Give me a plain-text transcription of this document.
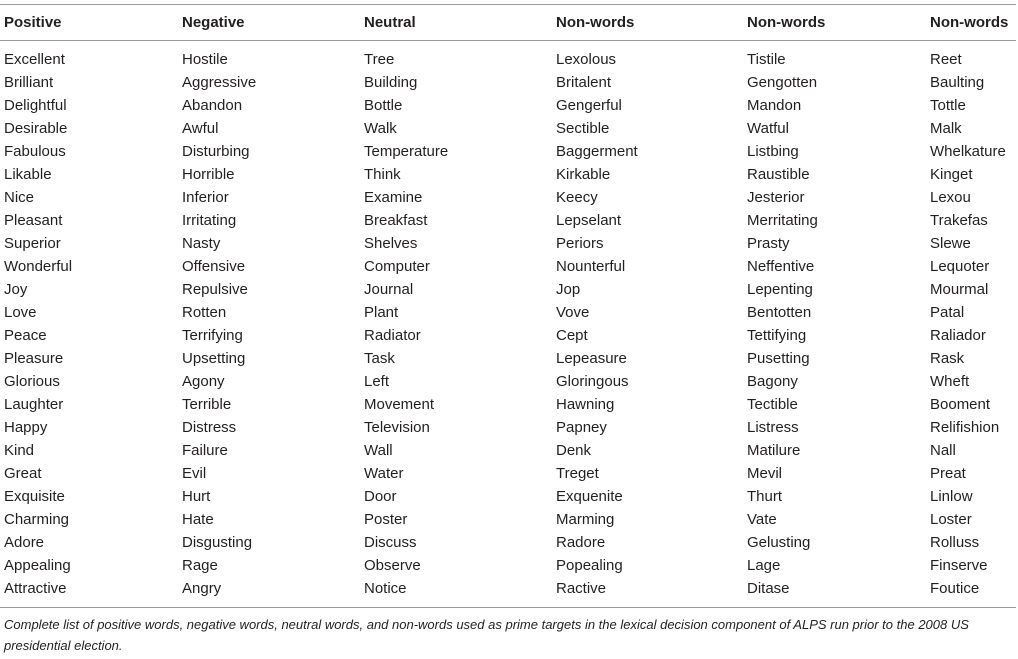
Positive	Negative	Neutral	Non-words	Non-words	Non-words

Excellent	Hostile	Tree	Lexolous	Tistile	Reet
Brilliant	Aggressive	Building	Britalent	Gengotten	Baulting
Delightful	Abandon	Bottle	Gengerful	Mandon	Tottle
Desirable	Awful	Walk	Sectible	Watful	Malk
Fabulous	Disturbing	Temperature	Baggerment	Listbing	Whelkature
Likable	Horrible	Think	Kirkable	Raustible	Kinget
Nice	Inferior	Examine	Keecy	Jesterior	Lexou
Pleasant	Irritating	Breakfast	Lepselant	Merritating	Trakefas
Superior	Nasty	Shelves	Periors	Prasty	Slewe
Wonderful	Offensive	Computer	Nounterful	Neffentive	Lequoter
Joy	Repulsive	Journal	Jop	Lepenting	Mourmal
Love	Rotten	Plant	Vove	Bentotten	Patal
Peace	Terrifying	Radiator	Cept	Tettifying	Raliador
Pleasure	Upsetting	Task	Lepeasure	Pusetting	Rask
Glorious	Agony	Left	Gloringous	Bagony	Wheft
Laughter	Terrible	Movement	Hawning	Tectible	Booment
Happy	Distress	Television	Papney	Listress	Relifishion
Kind	Failure	Wall	Denk	Matilure	Nall
Great	Evil	Water	Treget	Mevil	Preat
Exquisite	Hurt	Door	Exquenite	Thurt	Linlow
Charming	Hate	Poster	Marming	Vate	Loster
Adore	Disgusting	Discuss	Radore	Gelusting	Rolluss
Appealing	Rage	Observe	Popealing	Lage	Finserve
Attractive	Angry	Notice	Ractive	Ditase	Foutice
Complete list of positive words, negative words, neutral words, and non-words used as prime targets in the lexical decision component of ALPS run prior to the 2008 US presidential election.
